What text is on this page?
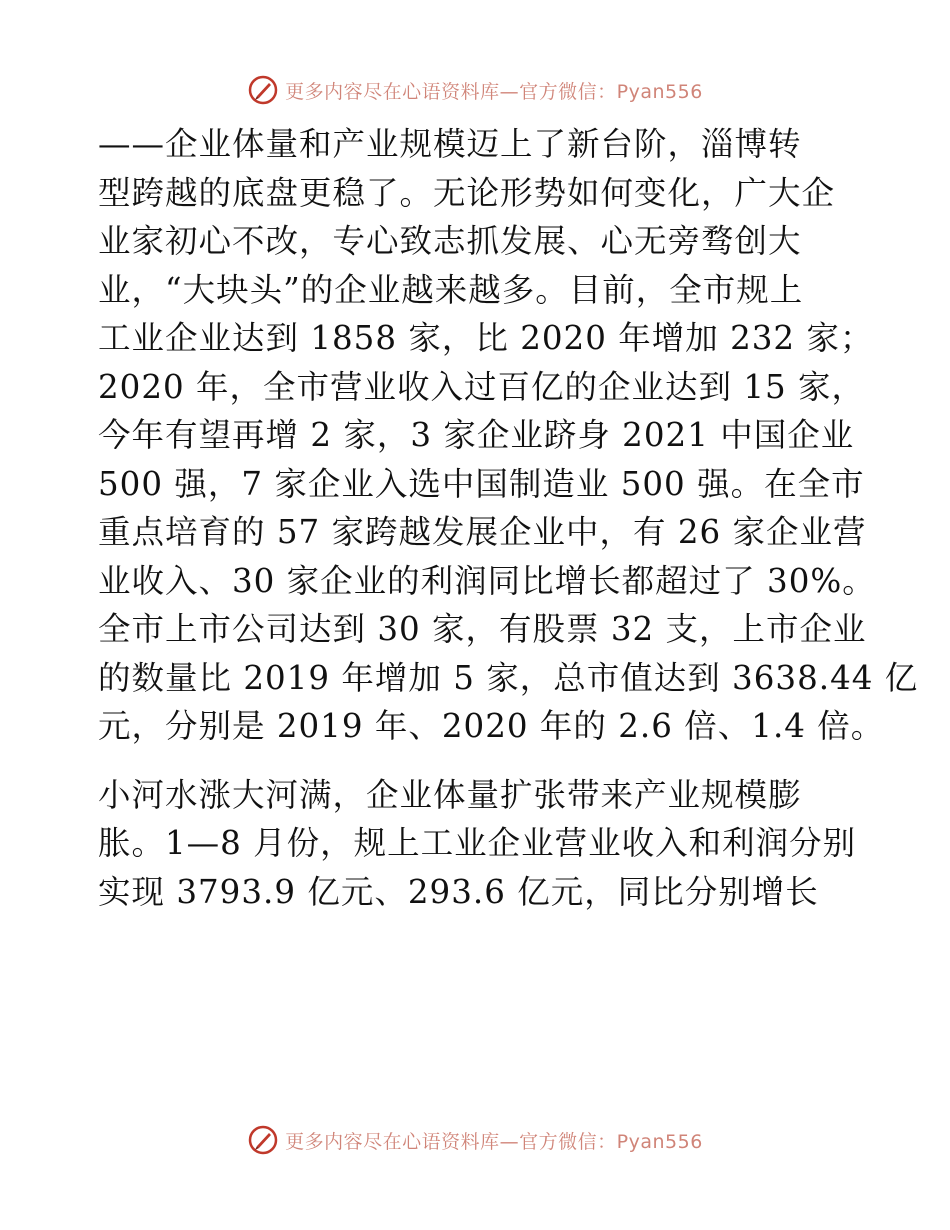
更多内容尽在心语资料库—官方微信：Pyan556

——企业体量和产业规模迈上了新台阶，淄博转
型跨越的底盘更稳了。无论形势如何变化，广大企
业家初心不改，专心致志抓发展、心无旁骛创大
业，“大块头”的企业越来越多。目前，全市规上
工业企业达到 1858 家，比 2020 年增加 232 家；
2020 年，全市营业收入过百亿的企业达到 15 家，
今年有望再增 2 家，3 家企业跻身 2021 中国企业
500 强，7 家企业入选中国制造业 500 强。在全市
重点培育的 57 家跨越发展企业中，有 26 家企业营
业收入、30 家企业的利润同比增长都超过了 30%。
全市上市公司达到 30 家，有股票 32 支，上市企业
的数量比 2019 年增加 5 家，总市值达到 3638.44 亿
元，分别是 2019 年、2020 年的 2.6 倍、1.4 倍。

小河水涨大河满，企业体量扩张带来产业规模膨
胀。1—8 月份，规上工业企业营业收入和利润分别
实现 3793.9 亿元、293.6 亿元，同比分别增长

更多内容尽在心语资料库—官方微信：Pyan556
